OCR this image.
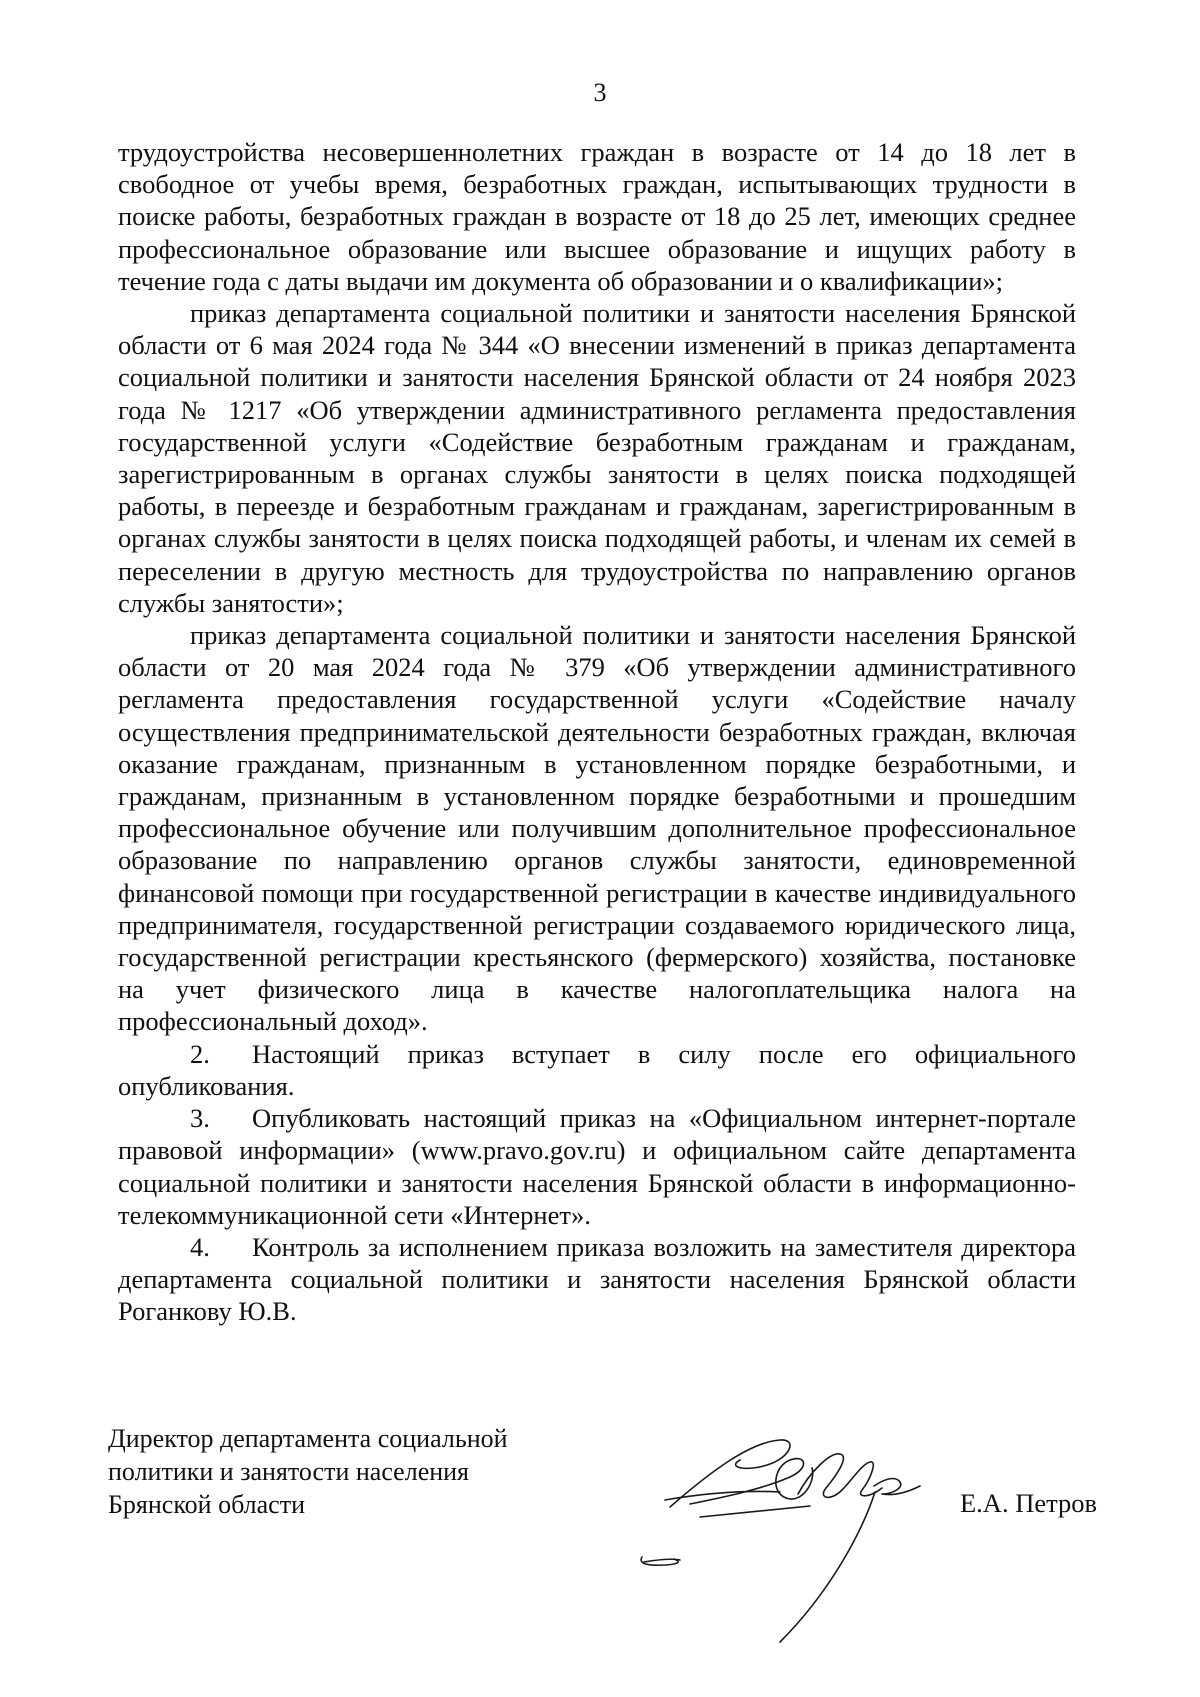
3

трудоустройства несовершеннолетних граждан в возрасте от 14 до 18 лет в свободное от учебы время, безработных граждан, испытывающих трудности в поиске работы, безработных граждан в возрасте от 18 до 25 лет, имеющих среднее профессиональное образование или высшее образование и ищущих работу в течение года с даты выдачи им документа об образовании и о квалификации»;

приказ департамента социальной политики и занятости населения Брянской области от 6 мая 2024 года № 344 «О внесении изменений в приказ департамента социальной политики и занятости населения Брянской области от 24 ноября 2023 года № 1217 «Об утверждении административного регламента предоставления государственной услуги «Содействие безработным гражданам и гражданам, зарегистрированным в органах службы занятости в целях поиска подходящей работы, в переезде и безработным гражданам и гражданам, зарегистрированным в органах службы занятости в целях поиска подходящей работы, и членам их семей в переселении в другую местность для трудоустройства по направлению органов службы занятости»;

приказ департамента социальной политики и занятости населения Брянской области от 20 мая 2024 года № 379 «Об утверждении административного регламента предоставления государственной услуги «Содействие началу осуществления предпринимательской деятельности безработных граждан, включая оказание гражданам, признанным в установленном порядке безработными, и гражданам, признанным в установленном порядке безработными и прошедшим профессиональное обучение или получившим дополнительное профессиональное образование по направлению органов службы занятости, единовременной финансовой помощи при государственной регистрации в качестве индивидуального предпринимателя, государственной регистрации создаваемого юридического лица, государственной регистрации крестьянского (фермерского) хозяйства, постановке на учет физического лица в качестве налогоплательщика налога на профессиональный доход».

2. Настоящий приказ вступает в силу после его официального опубликования.

3. Опубликовать настоящий приказ на «Официальном интернет-портале правовой информации» (www.pravo.gov.ru) и официальном сайте департамента социальной политики и занятости населения Брянской области в информационно-телекоммуникационной сети «Интернет».

4. Контроль за исполнением приказа возложить на заместителя директора департамента социальной политики и занятости населения Брянской области Роганкову Ю.В.

Директор департамента социальной
политики и занятости населения
Брянской области	Е.А. Петров
